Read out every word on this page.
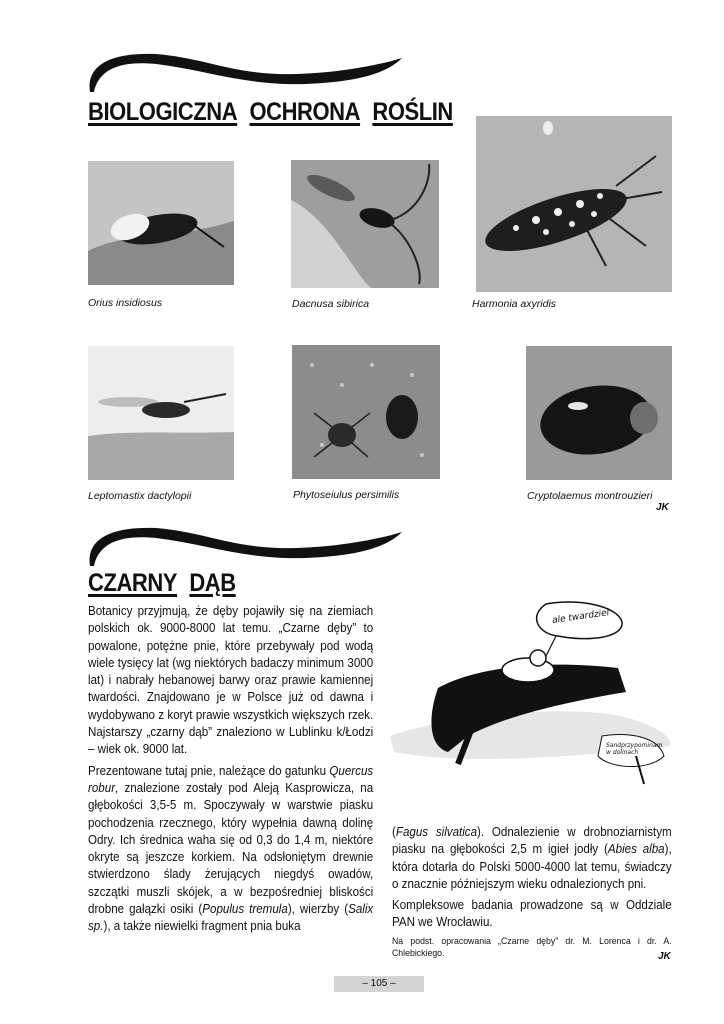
BIOLOGICZNA OCHRONA ROŚLIN
Orius insidiosus	Dacnusa sibirica	Harmonia axyridis
Leptomastix dactylopii	Phytoseiulus persimilis	Cryptolaemus montrouzieri
JK
CZARNY DĄB

Botanicy przyjmują, że dęby pojawiły się na ziemiach polskich ok. 9000-8000 lat temu. „Czarne dęby” to powalone, potężne pnie, które przebywały pod wodą wiele tysięcy lat (wg niektórych badaczy minimum 3000 lat) i nabrały hebanowej barwy oraz prawie kamiennej twardości. Znajdowano je w Polsce już od dawna i wydobywano z koryt prawie wszystkich większych rzek. Najstarszy „czarny dąb” znaleziono w Lublinku k/Łodzi – wiek ok. 9000 lat.

Prezentowane tutaj pnie, należące do gatunku Quercus robur, znalezione zostały pod Aleją Kasprowicza, na głębokości 3,5-5 m. Spoczywały w warstwie piasku pochodzenia rzecznego, który wypełnia dawną dolinę Odry. Ich średnica waha się od 0,3 do 1,4 m, niektóre okryte są jeszcze korkiem. Na odsłoniętym drewnie stwierdzono ślady żerujących niegdyś owadów, szczątki muszli skójek, a w bezpośredniej bliskości drobne gałązki osiki (Populus tremula), wierzby (Salix sp.), a także niewielki fragment pnia buka

ale twardziel
Sandprzypominam w dolinach

(Fagus silvatica). Odnalezienie w drobnoziarnistym piasku na głębokości 2,5 m igieł jodły (Abies alba), która dotarła do Polski 5000-4000 lat temu, świadczy o znacznie późniejszym wieku odnalezionych pni.

Kompleksowe badania prowadzone są w Oddziale PAN we Wrocławiu.

Na podst. opracowania „Czarne dęby” dr. M. Lorenca i dr. A. Chlebickiego.	JK
– 105 –
